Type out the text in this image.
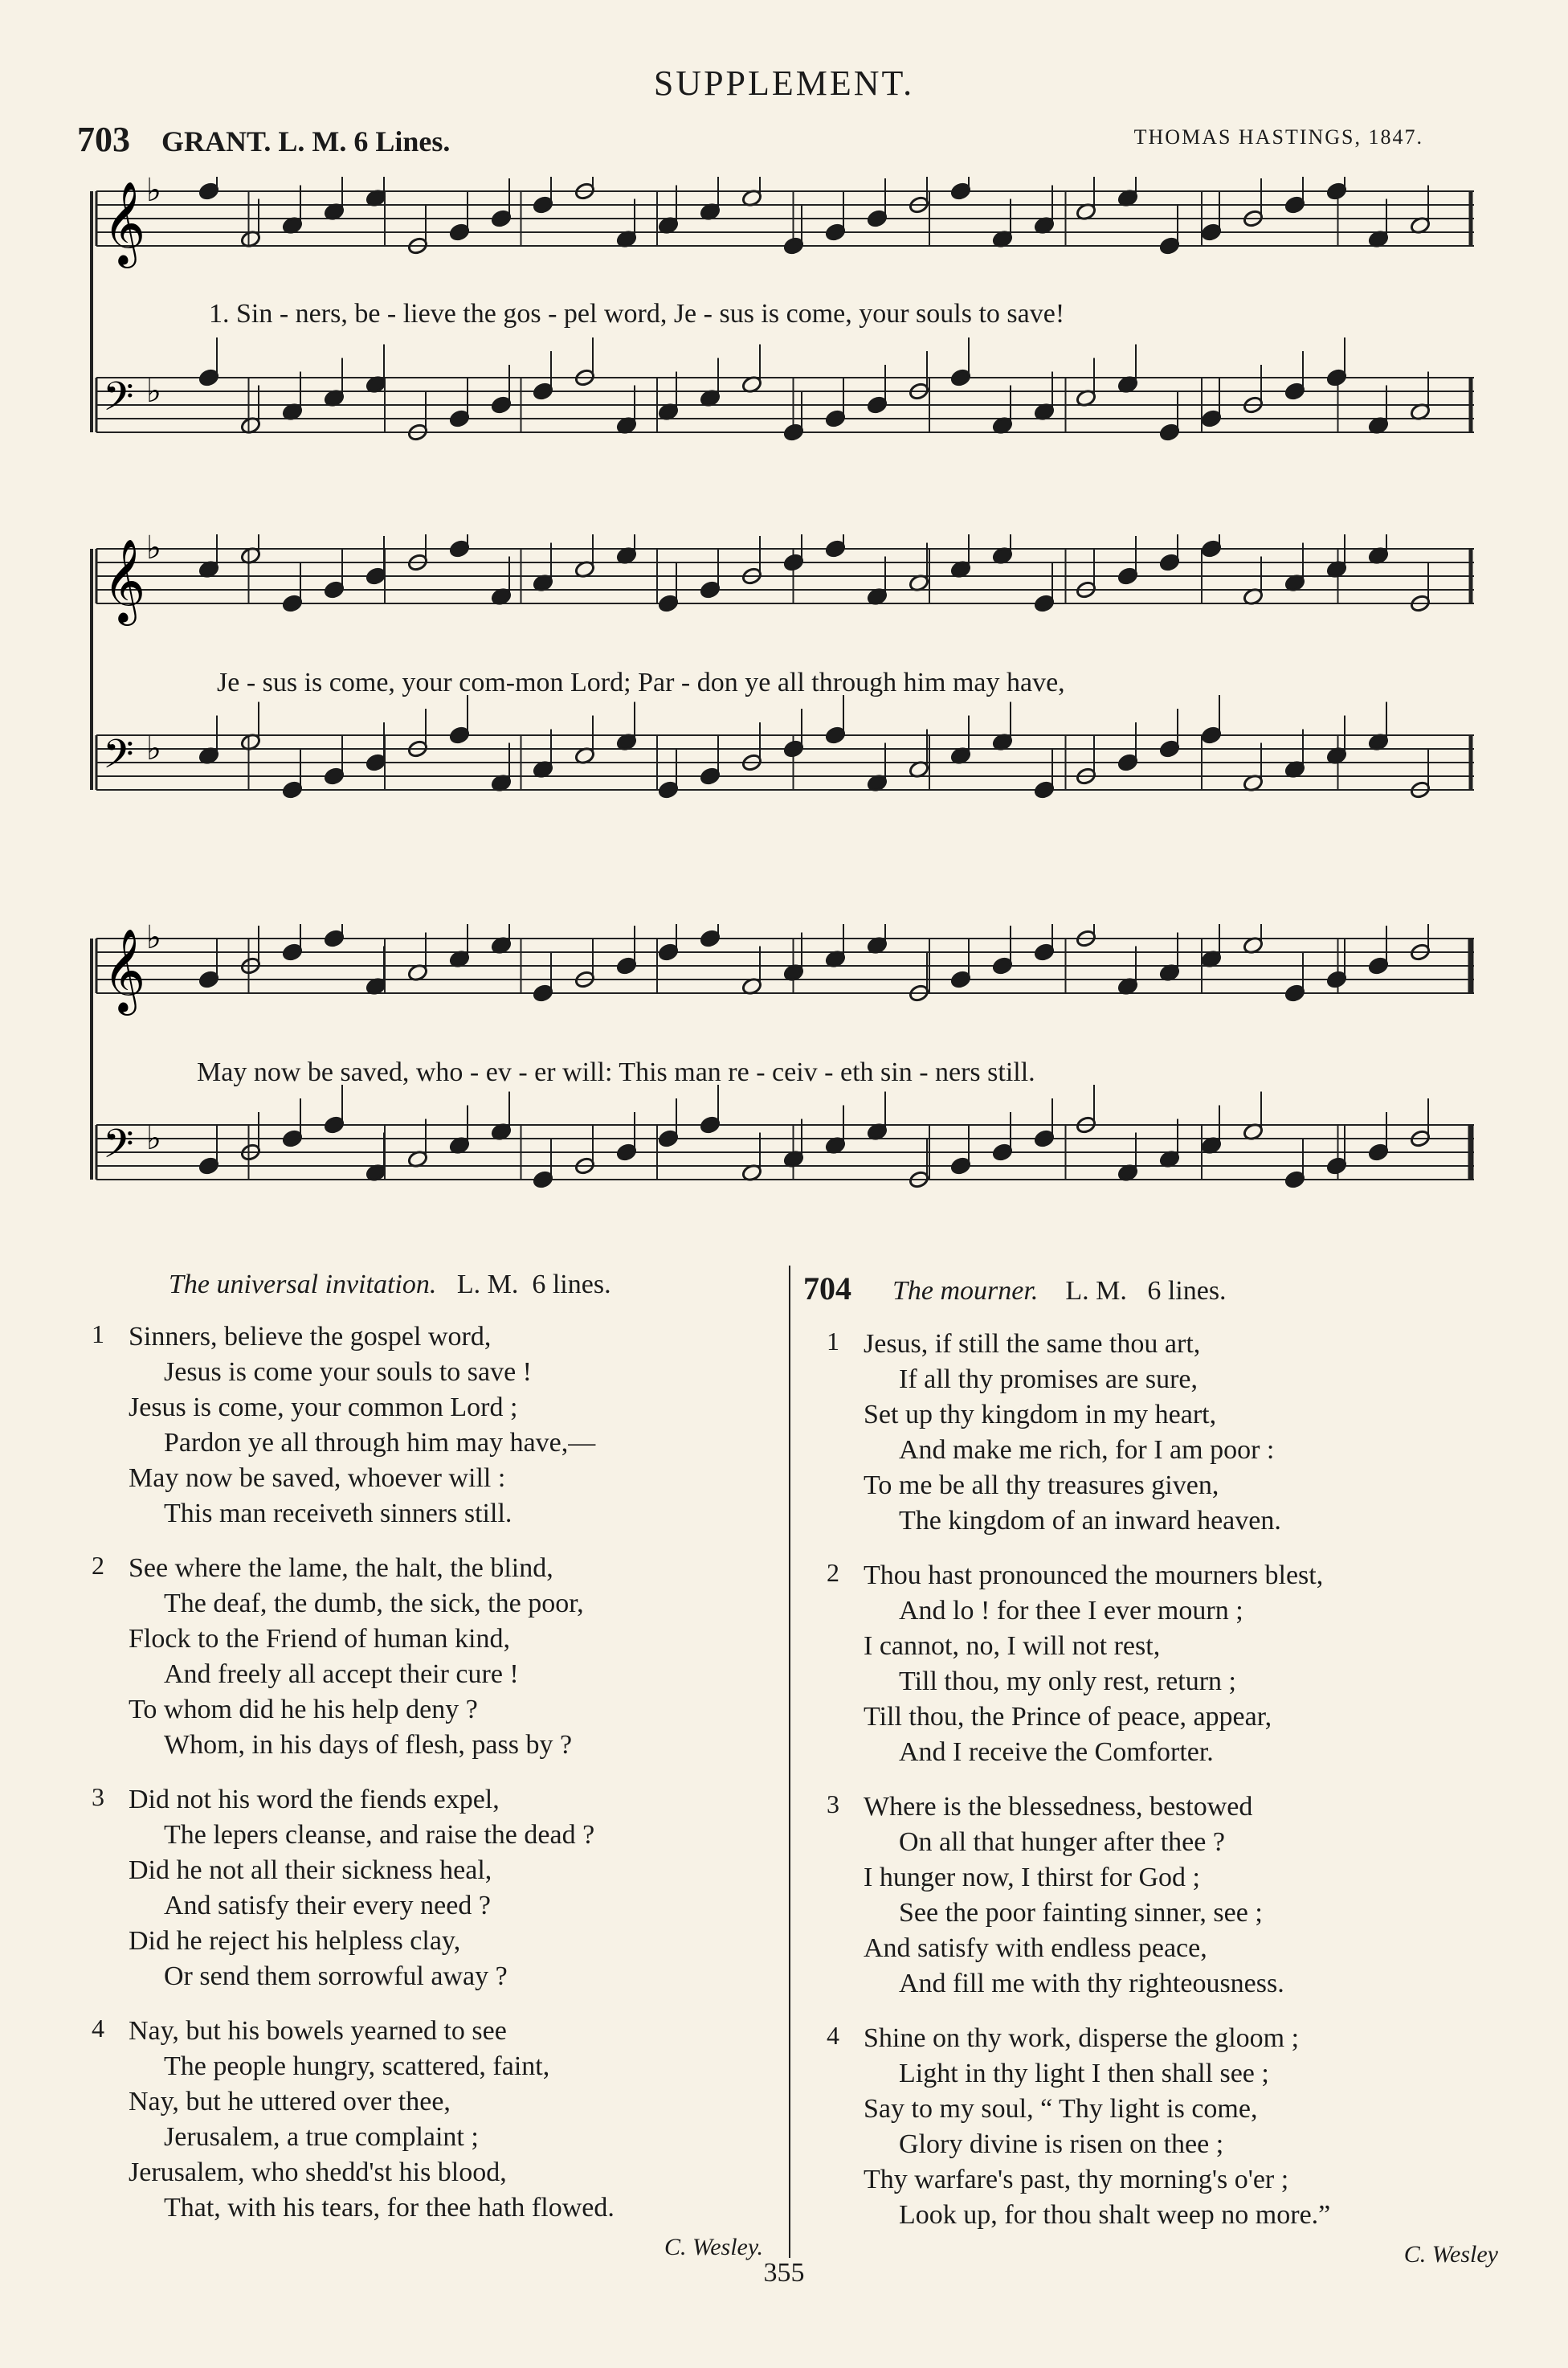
SUPPLEMENT.
703 GRANT. L. M. 6 Lines.	THOMAS HASTINGS, 1847.
𝄞
𝄢
♭
♭
1. Sin - ners, be - lieve the gos - pel word, Je - sus is come, your souls to save!
𝄞
𝄢
♭
♭
Je - sus is come, your com-mon Lord; Par - don ye all through him may have,
𝄞
𝄢
♭
♭
May now be saved, who - ev - er will: This man re - ceiv - eth sin - ners still.
The universal invitation. L. M. 6 lines.
1 Sinners, believe the gospel word,
Jesus is come your souls to save !
Jesus is come, your common Lord ;
Pardon ye all through him may have,—
May now be saved, whoever will :
This man receiveth sinners still.
2 See where the lame, the halt, the blind,
The deaf, the dumb, the sick, the poor,
Flock to the Friend of human kind,
And freely all accept their cure !
To whom did he his help deny ?
Whom, in his days of flesh, pass by ?
3 Did not his word the fiends expel,
The lepers cleanse, and raise the dead ?
Did he not all their sickness heal,
And satisfy their every need ?
Did he reject his helpless clay,
Or send them sorrowful away ?
4 Nay, but his bowels yearned to see
The people hungry, scattered, faint,
Nay, but he uttered over thee,
Jerusalem, a true complaint ;
Jerusalem, who shedd'st his blood,
That, with his tears, for thee hath flowed.
C. Wesley.
704 The mourner. L. M. 6 lines.
1 Jesus, if still the same thou art,
If all thy promises are sure,
Set up thy kingdom in my heart,
And make me rich, for I am poor :
To me be all thy treasures given,
The kingdom of an inward heaven.
2 Thou hast pronounced the mourners blest,
And lo ! for thee I ever mourn ;
I cannot, no, I will not rest,
Till thou, my only rest, return ;
Till thou, the Prince of peace, appear,
And I receive the Comforter.
3 Where is the blessedness, bestowed
On all that hunger after thee ?
I hunger now, I thirst for God ;
See the poor fainting sinner, see ;
And satisfy with endless peace,
And fill me with thy righteousness.
4 Shine on thy work, disperse the gloom ;
Light in thy light I then shall see ;
Say to my soul, “ Thy light is come,
Glory divine is risen on thee ;
Thy warfare's past, thy morning's o'er ;
Look up, for thou shalt weep no more.”
C. Wesley
355
